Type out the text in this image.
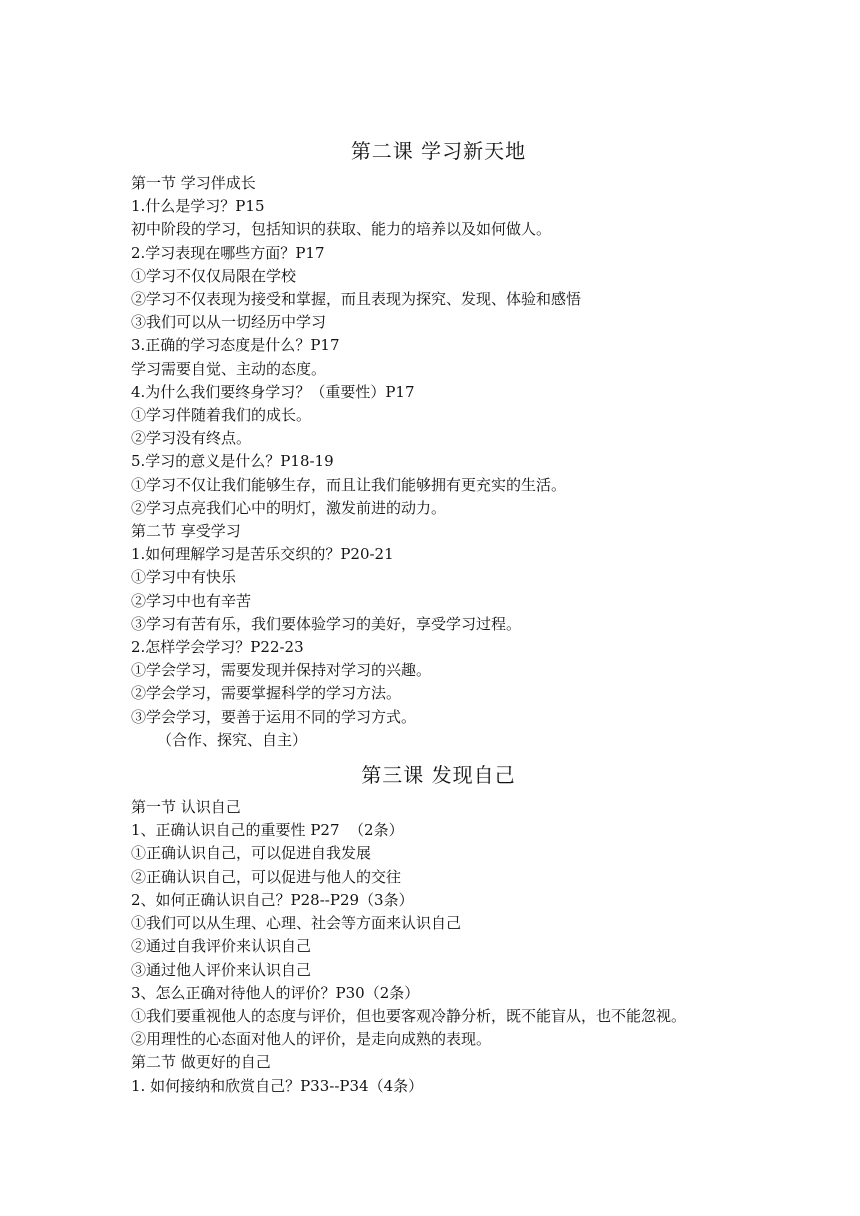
第二课 学习新天地

第一节 学习伴成长

1.什么是学习？P15

初中阶段的学习，包括知识的获取、能力的培养以及如何做人。

2.学习表现在哪些方面？P17

①学习不仅仅局限在学校

②学习不仅表现为接受和掌握，而且表现为探究、发现、体验和感悟

③我们可以从一切经历中学习

3.正确的学习态度是什么？P17

学习需要自觉、主动的态度。

4.为什么我们要终身学习？（重要性）P17

①学习伴随着我们的成长。

②学习没有终点。

5.学习的意义是什么？P18-19

①学习不仅让我们能够生存，而且让我们能够拥有更充实的生活。

②学习点亮我们心中的明灯，激发前进的动力。

第二节 享受学习

1.如何理解学习是苦乐交织的？P20-21

①学习中有快乐

②学习中也有辛苦

③学习有苦有乐，我们要体验学习的美好，享受学习过程。

2.怎样学会学习？P22-23

①学会学习，需要发现并保持对学习的兴趣。

②学会学习，需要掌握科学的学习方法。

③学会学习，要善于运用不同的学习方式。

（合作、探究、自主）

第三课 发现自己

第一节 认识自己

1、正确认识自己的重要性 P27  （2条）

①正确认识自己，可以促进自我发展

②正确认识自己，可以促进与他人的交往

2、如何正确认识自己？P28--P29（3条）

①我们可以从生理、心理、社会等方面来认识自己

②通过自我评价来认识自己

③通过他人评价来认识自己

3、怎么正确对待他人的评价？P30（2条）

①我们要重视他人的态度与评价，但也要客观冷静分析，既不能盲从，也不能忽视。

②用理性的心态面对他人的评价，是走向成熟的表现。

第二节 做更好的自己

1. 如何接纳和欣赏自己？P33--P34（4条）
